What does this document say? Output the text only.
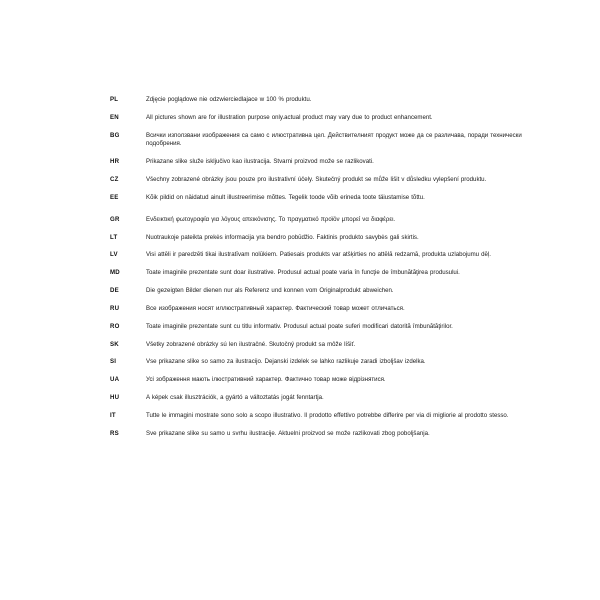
PL	Zdjęcie poglądowe nie odzwierciedlajace w 100 % produktu.
EN	All pictures shown are for illustration purpose only.actual product may vary due to product enhancement.
BG	Всички използвани изображения са само с илюстративна цел. Действителният продукт може да се различава, поради технически подобрения.
HR	Prikazane slike služe isključivo kao ilustracija. Stvarni proizvod može se razlikovati.
CZ	Všechny zobrazené obrázky jsou pouze pro ilustrativní účely. Skutečný produkt se může lišit v důsledku vylepšení produktu.
EE	Kõik pildid on näidatud ainult illustreerimise mõttes. Tegelik toode võib erineda toote täiustamise tõttu.
GR	Ενδεικτική φωτογραφία για λόγους απεικόνισης. Το πραγματικό προϊόν μπορεί να διαφέρει.
LT	Nuotraukoje pateikta prekės informacija yra bendro pobūdžio. Faktinis produkto savybės gali skirtis.
LV	Visi attēli ir paredzēti tikai ilustratīvam nolūkiem. Patiesais produkts var atšķirties no attēlā redzamā, produkta uzlabojumu dēļ.
MD	Toate imaginile prezentate sunt doar ilustrative. Produsul actual poate varia în funcţie de îmbunătăţirea produsului.
DE	Die gezeigten Bilder dienen nur als Referenz und konnen vom Originalprodukt abweichen.
RU	Все изображения носят иллюстративный характер. Фактический товар может отличаться.
RO	Toate imaginile prezentate sunt cu titlu informativ. Produsul actual poate suferi modificari datorită îmbunătăţirilor.
SK	Všetky zobrazené obrázky sú len ilustračné. Skutočný produkt sa môže líšiť.
SI	Vse prikazane slike so samo za ilustracijo. Dejanski izdelek se lahko razlikuje zaradi izboljšav izdelka.
UA	Усі зображення мають ілюстративний характер. Фактично товар може відрізнятися.
HU	A képek csak illusztrációk, a gyártó a változtatás jogát fenntartja.
IT	Tutte le immagini mostrate sono solo a scopo illustrativo. Il prodotto effettivo potrebbe differire per via di migliorie al prodotto stesso.
RS	Sve prikazane slike su samo u svrhu ilustracije. Aktuelni proizvod se može razlikovati zbog poboljšanja.
